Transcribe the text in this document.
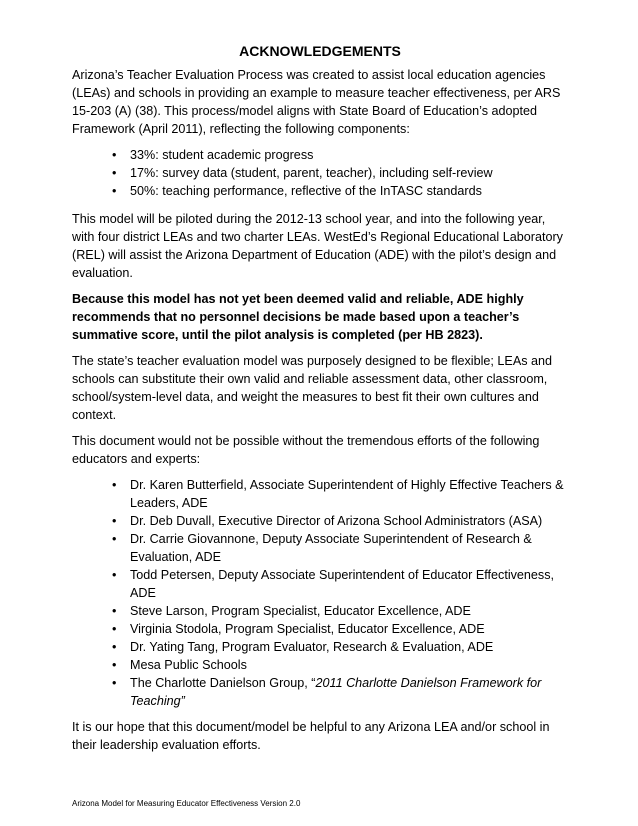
ACKNOWLEDGEMENTS

Arizona’s Teacher Evaluation Process was created to assist local education agencies (LEAs) and schools in providing an example to measure teacher effectiveness, per ARS 15-203 (A) (38). This process/model aligns with State Board of Education’s adopted Framework (April 2011), reflecting the following components:

• 33%: student academic progress
• 17%: survey data (student, parent, teacher), including self-review
• 50%: teaching performance, reflective of the InTASC standards

This model will be piloted during the 2012-13 school year, and into the following year, with four district LEAs and two charter LEAs. WestEd’s Regional Educational Laboratory (REL) will assist the Arizona Department of Education (ADE) with the pilot’s design and evaluation.

Because this model has not yet been deemed valid and reliable, ADE highly recommends that no personnel decisions be made based upon a teacher’s summative score, until the pilot analysis is completed (per HB 2823).

The state’s teacher evaluation model was purposely designed to be flexible; LEAs and schools can substitute their own valid and reliable assessment data, other classroom, school/system-level data, and weight the measures to best fit their own cultures and context.

This document would not be possible without the tremendous efforts of the following educators and experts:

• Dr. Karen Butterfield, Associate Superintendent of Highly Effective Teachers & Leaders, ADE
• Dr. Deb Duvall, Executive Director of Arizona School Administrators (ASA)
• Dr. Carrie Giovannone, Deputy Associate Superintendent of Research & Evaluation, ADE
• Todd Petersen, Deputy Associate Superintendent of Educator Effectiveness, ADE
• Steve Larson, Program Specialist, Educator Excellence, ADE
• Virginia Stodola, Program Specialist, Educator Excellence, ADE
• Dr. Yating Tang, Program Evaluator, Research & Evaluation, ADE
• Mesa Public Schools
• The Charlotte Danielson Group, “2011 Charlotte Danielson Framework for Teaching”

It is our hope that this document/model be helpful to any Arizona LEA and/or school in their leadership evaluation efforts.

Arizona Model for Measuring Educator Effectiveness Version 2.0
